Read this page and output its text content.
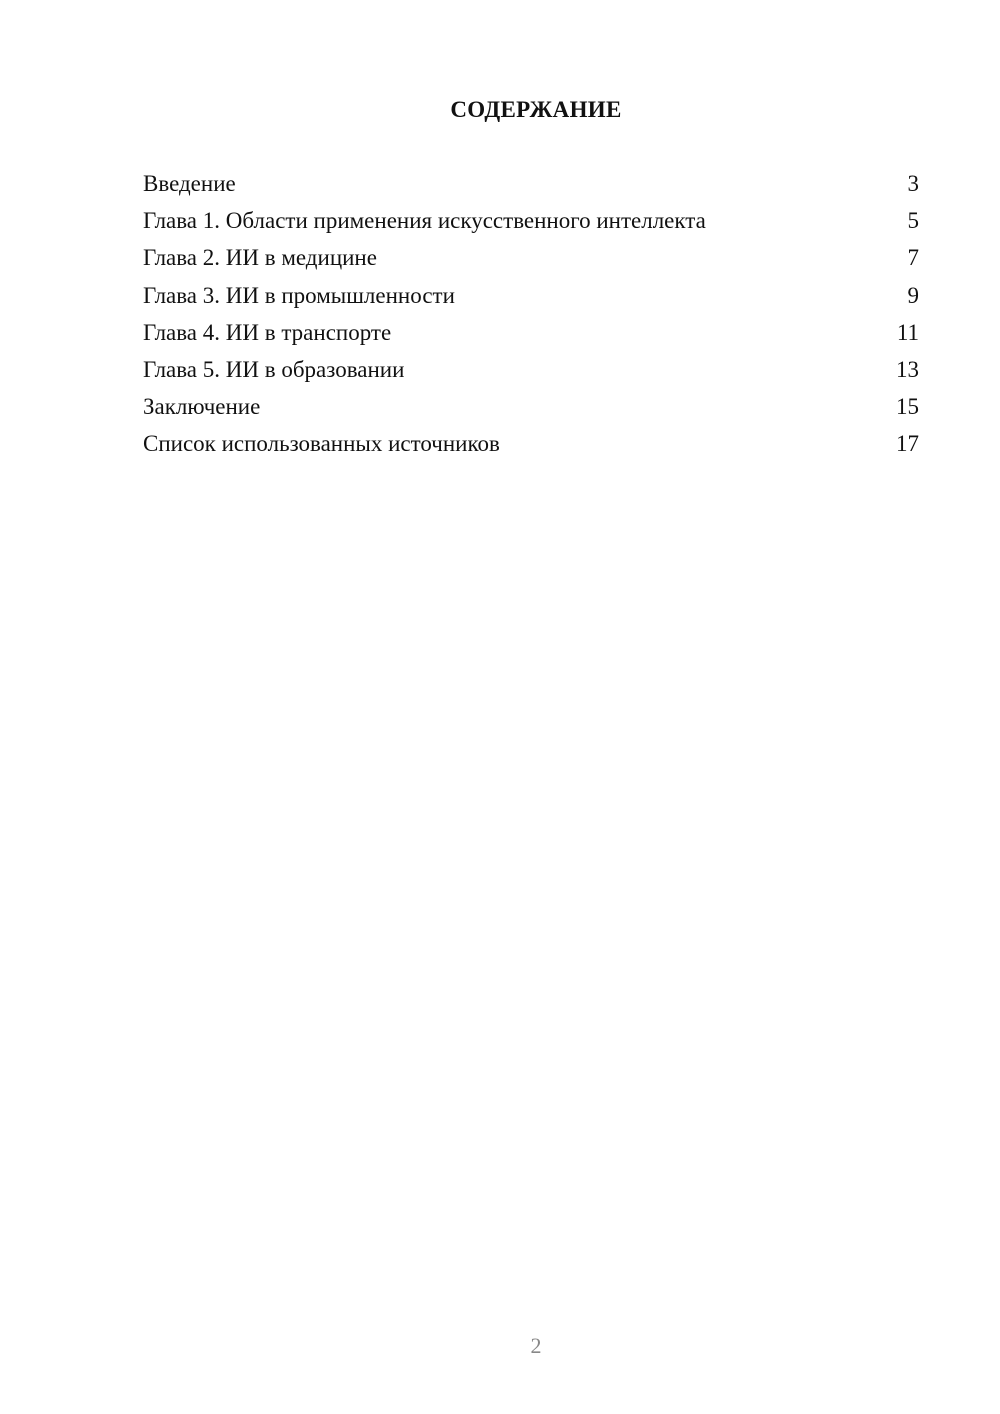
СОДЕРЖАНИЕ
Введение	3
Глава 1. Области применения искусственного интеллекта	5
Глава 2. ИИ в медицине	7
Глава 3. ИИ в промышленности	9
Глава 4. ИИ в транспорте	11
Глава 5. ИИ в образовании	13
Заключение	15
Список использованных источников	17
2
